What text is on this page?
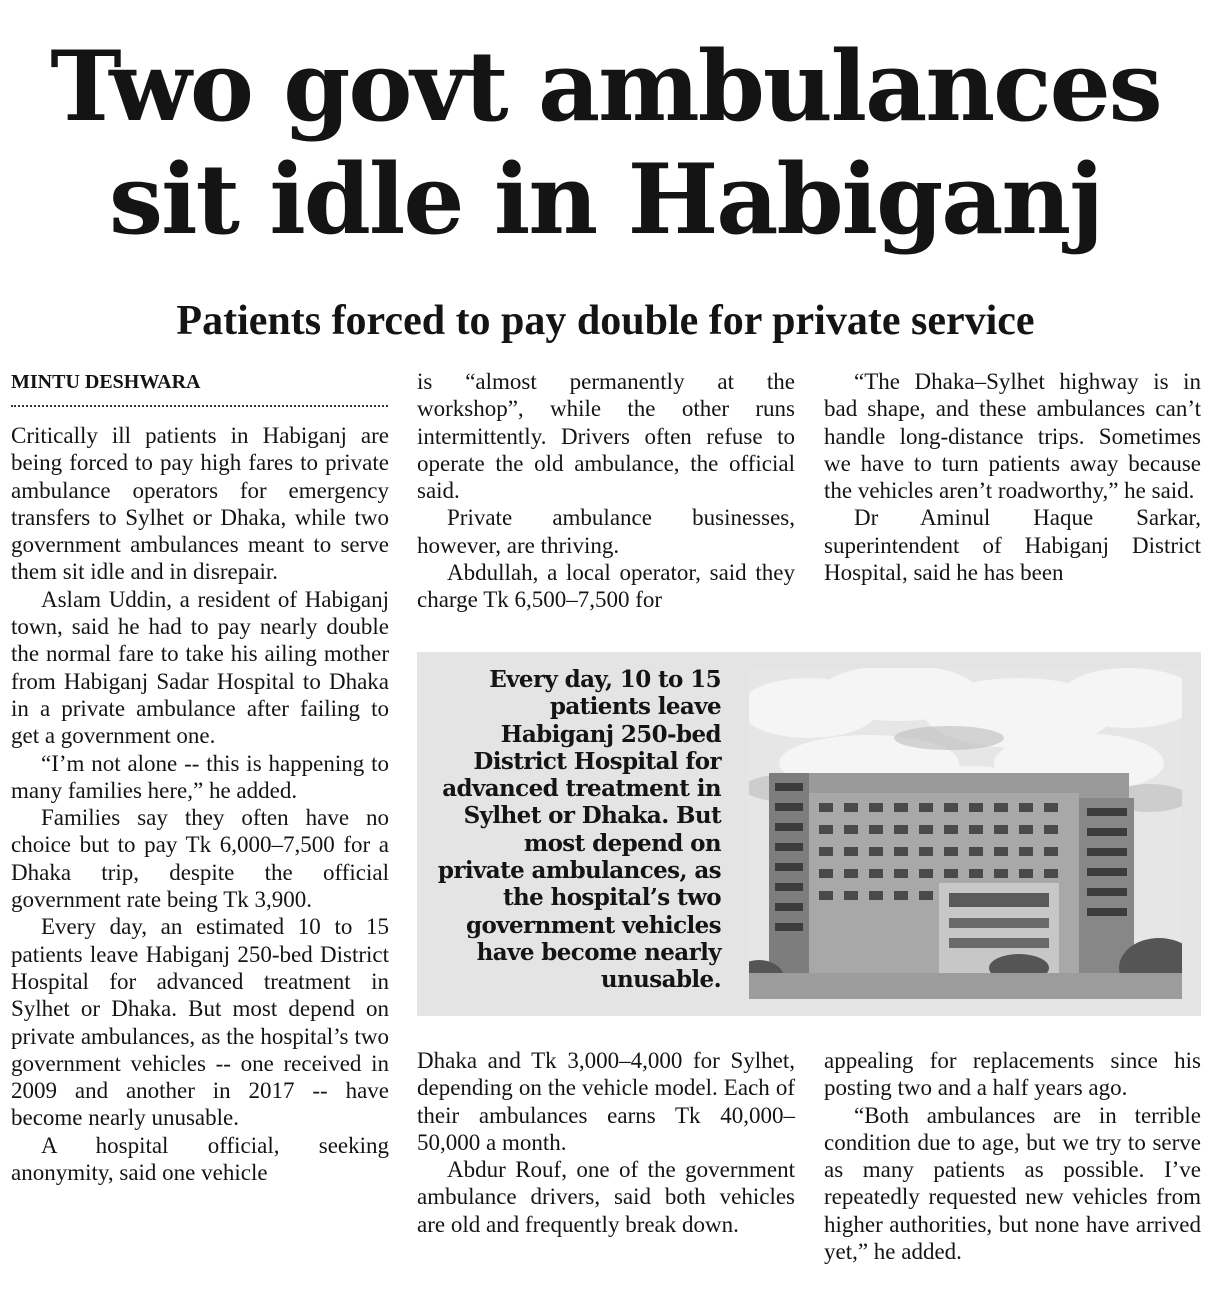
Two govt ambulances
sit idle in Habiganj
Patients forced to pay double for private service
MINTU DESHWARA

Critically ill patients in Habiganj are being forced to pay high fares to private ambulance operators for emergency transfers to Sylhet or Dhaka, while two government ambulances meant to serve them sit idle and in disrepair.

Aslam Uddin, a resident of Habiganj town, said he had to pay nearly double the normal fare to take his ailing mother from Habiganj Sadar Hospital to Dhaka in a private ambulance after failing to get a government one.

“I’m not alone -- this is happening to many families here,” he added.

Families say they often have no choice but to pay Tk 6,000–7,500 for a Dhaka trip, despite the official government rate being Tk 3,900.

Every day, an estimated 10 to 15 patients leave Habiganj 250-bed District Hospital for advanced treatment in Sylhet or Dhaka. But most depend on private ambulances, as the hospital’s two government vehicles -- one received in 2009 and another in 2017 -- have become nearly unusable.

A hospital official, seeking anonymity, said one vehicle

is “almost permanently at the workshop”, while the other runs intermittently. Drivers often refuse to operate the old ambulance, the official said.

Private ambulance businesses, however, are thriving.

Abdullah, a local operator, said they charge Tk 6,500–7,500 for

“The Dhaka–Sylhet highway is in bad shape, and these ambulances can’t handle long-distance trips. Sometimes we have to turn patients away because the vehicles aren’t roadworthy,” he said.

Dr Aminul Haque Sarkar, superintendent of Habiganj District Hospital, said he has been

Every day, 10 to 15 patients leave Habiganj 250-bed District Hospital for advanced treatment in Sylhet or Dhaka. But most depend on private ambulances, as the hospital’s two government vehicles have become nearly unusable.

Dhaka and Tk 3,000–4,000 for Sylhet, depending on the vehicle model. Each of their ambulances earns Tk 40,000–50,000 a month.

Abdur Rouf, one of the government ambulance drivers, said both vehicles are old and frequently break down.

appealing for replacements since his posting two and a half years ago.

“Both ambulances are in terrible condition due to age, but we try to serve as many patients as possible. I’ve repeatedly requested new vehicles from higher authorities, but none have arrived yet,” he added.
